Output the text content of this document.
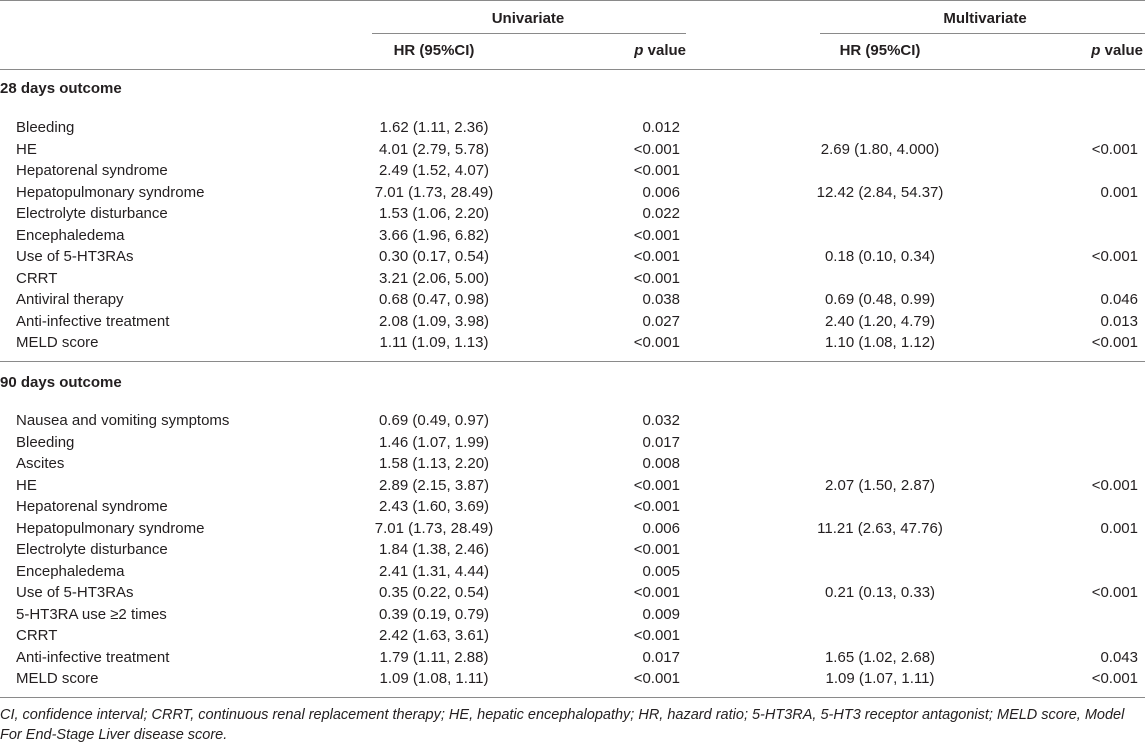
Univariate	Multivariate
HR (95%CI)	p value	HR (95%CI)	p value
28 days outcome
Bleeding	1.62 (1.11, 2.36)	0.012
HE	4.01 (2.79, 5.78)	<0.001	2.69 (1.80, 4.000)	<0.001
Hepatorenal syndrome	2.49 (1.52, 4.07)	<0.001
Hepatopulmonary syndrome	7.01 (1.73, 28.49)	0.006	12.42 (2.84, 54.37)	0.001
Electrolyte disturbance	1.53 (1.06, 2.20)	0.022
Encephaledema	3.66 (1.96, 6.82)	<0.001
Use of 5-HT3RAs	0.30 (0.17, 0.54)	<0.001	0.18 (0.10, 0.34)	<0.001
CRRT	3.21 (2.06, 5.00)	<0.001
Antiviral therapy	0.68 (0.47, 0.98)	0.038	0.69 (0.48, 0.99)	0.046
Anti-infective treatment	2.08 (1.09, 3.98)	0.027	2.40 (1.20, 4.79)	0.013
MELD score	1.11 (1.09, 1.13)	<0.001	1.10 (1.08, 1.12)	<0.001
90 days outcome
Nausea and vomiting symptoms	0.69 (0.49, 0.97)	0.032
Bleeding	1.46 (1.07, 1.99)	0.017
Ascites	1.58 (1.13, 2.20)	0.008
HE	2.89 (2.15, 3.87)	<0.001	2.07 (1.50, 2.87)	<0.001
Hepatorenal syndrome	2.43 (1.60, 3.69)	<0.001
Hepatopulmonary syndrome	7.01 (1.73, 28.49)	0.006	11.21 (2.63, 47.76)	0.001
Electrolyte disturbance	1.84 (1.38, 2.46)	<0.001
Encephaledema	2.41 (1.31, 4.44)	0.005
Use of 5-HT3RAs	0.35 (0.22, 0.54)	<0.001	0.21 (0.13, 0.33)	<0.001
5-HT3RA use ≥2 times	0.39 (0.19, 0.79)	0.009
CRRT	2.42 (1.63, 3.61)	<0.001
Anti-infective treatment	1.79 (1.11, 2.88)	0.017	1.65 (1.02, 2.68)	0.043
MELD score	1.09 (1.08, 1.11)	<0.001	1.09 (1.07, 1.11)	<0.001
CI, confidence interval; CRRT, continuous renal replacement therapy; HE, hepatic encephalopathy; HR, hazard ratio; 5-HT3RA, 5-HT3 receptor antagonist; MELD score, Model For End-Stage Liver disease score.
